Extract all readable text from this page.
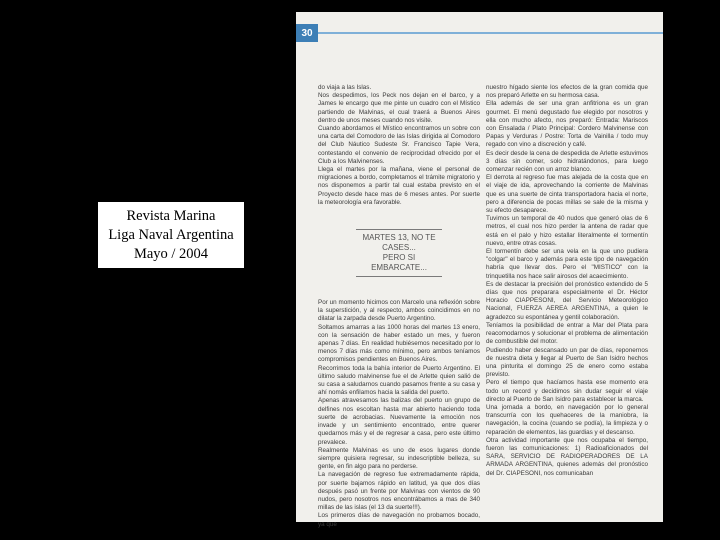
Revista Marina
Liga Naval Argentina
Mayo / 2004
30

do viaja a las Islas.

Nos despedimos, los Peck nos dejan en el barco, y a James le encargo que me pinte un cuadro con el Místico partiendo de Malvinas, el cual traerá a Buenos Aires dentro de unos meses cuando nos visite.

Cuando abordamos el Místico encontramos un sobre con una carta del Comodoro de las Islas dirigida al Comodoro del Club Náutico Sudeste Sr. Francisco Tapie Vera, contestando el convenio de reciprocidad ofrecido por el Club a los Malvinenses.

Llega el martes por la mañana, viene el personal de migraciones a bordo, completamos el trámite migratorio y nos disponemos a partir tal cual estaba previsto en el Proyecto desde hace mas de 6 meses antes. Por suerte la meteorología era favorable.

MARTES 13, NO TE CASES...
PERO SI EMBARCATE...

Por un momento hicimos con Marcelo una reflexión sobre la superstición, y al respecto, ambos coincidimos en no dilatar la zarpada desde Puerto Argentino.

Soltamos amarras a las 1000 horas del martes 13 enero, con la sensación de haber estado un mes, y fueron apenas 7 días. En realidad hubiésemos necesitado por lo menos 7 días más como mínimo, pero ambos teníamos compromisos pendientes en Buenos Aires.

Recorrimos toda la bahía interior de Puerto Argentino. El último saludo malvinense fue el de Arlette quien salió de su casa a saludarnos cuando pasamos frente a su casa y ahí nomás enfilamos hacia la salida del puerto.

Apenas atravesamos las balizas del puerto un grupo de delfines nos escoltan hasta mar abierto haciendo toda suerte de acrobacias. Nuevamente la emoción nos invade y un sentimiento encontrado, entre querer quedarnos más y el de regresar a casa, pero este último prevalece.

Realmente Malvinas es uno de esos lugares donde siempre quisiera regresar, su indescriptible belleza, su gente, en fin algo para no perderse.

La navegación de regreso fue extremadamente rápida, por suerte bajamos rápido en latitud, ya que dos días después pasó un frente por Malvinas con vientos de 90 nudos, pero nosotros nos encontrábamos a mas de 340 millas de las islas (el 13 da suerte!!!).

Los primeros días de navegación no probamos bocado, ya que

nuestro hígado siente los efectos de la gran comida que nos preparó Arlette en su hermosa casa.

Ella además de ser una gran anfitriona es un gran gourmet. El menú degustado fue elegido por nosotros y ella con mucho afecto, nos preparó: Entrada: Mariscos con Ensalada / Plato Principal: Cordero Malvinense con Papas y Verduras / Postre: Torta de Vainilla / todo muy regado con vino a discreción y café.

Es decir desde la cena de despedida de Arlette estuvimos 3 días sin comer, solo hidratándonos, para luego comenzar recién con un arroz blanco.

El derrota al regreso fue mas alejada de la costa que en el viaje de ida, aprovechando la corriente de Malvinas que es una suerte de cinta transportadora hacia el norte, pero a diferencia de pocas millas se sale de la misma y su efecto desaparece.

Tuvimos un temporal de 40 nudos que generó olas de 6 metros, el cual nos hizo perder la antena de radar que está en el palo y hizo estallar literalmente el tormentín nuevo, entre otras cosas.

El tormentín debe ser una vela en la que uno pudiera "colgar" el barco y además para este tipo de navegación habría que llevar dos. Pero el "MISTICO" con la trinquetilla nos hace salir airosos del acaecimiento.

Es de destacar la precisión del pronóstico extendido de 5 días que nos preparara especialmente el Dr. Héctor Horacio CIAPPESONI, del Servicio Meteorológico Nacional, FUERZA AEREA ARGENTINA, a quien le agradezco su espontánea y gentil colaboración.

Teníamos la posibilidad de entrar a Mar del Plata para reacomodarnos y solucionar el problema de alimentación de combustible del motor.

Pudiendo haber descansado un par de días, reponernos de nuestra dieta y llegar al Puerto de San Isidro hechos una pinturita el domingo 25 de enero como estaba previsto.

Pero el tiempo que hacíamos hasta ese momento era todo un record y decidimos sin dudar seguir el viaje directo al Puerto de San Isidro para establecer la marca.

Una jornada a bordo, en navegación por lo general transcurría con los quehaceres de la maniobra, la navegación, la cocina (cuando se podía), la limpieza y o reparación de elementos, las guardias y el descanso.

Otra actividad importante que nos ocupaba el tiempo, fueron las comunicaciones: 1) Radioaficionados del SARA, SERVICIO DE RADIOPERADORES DE LA ARMADA ARGENTINA, quienes además del pronóstico del Dr. CIAPESONI, nos comunicaban
